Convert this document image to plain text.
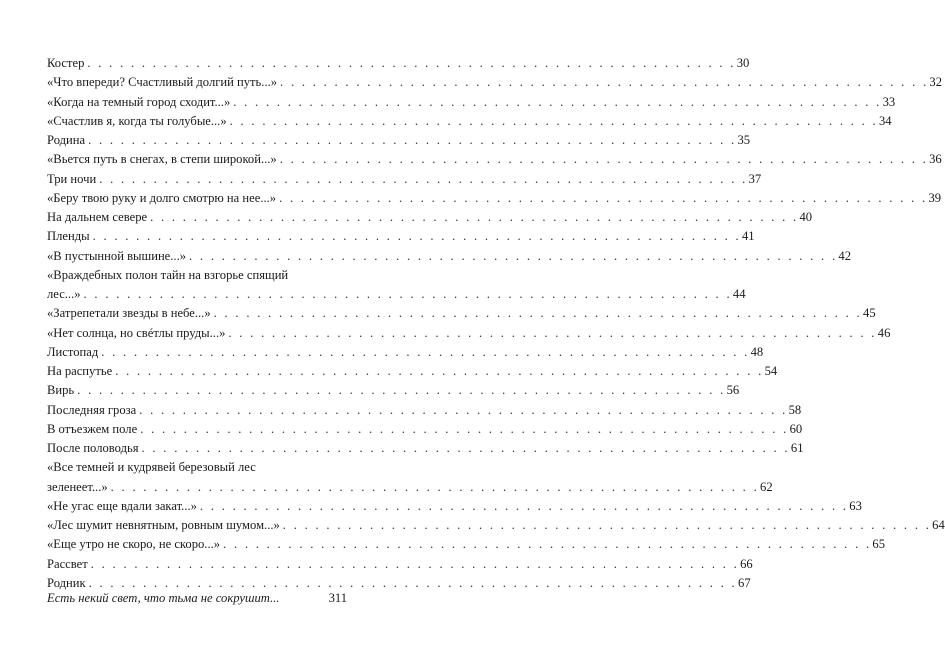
Костер . . . . . . . . . . . . . . . . . . . . . . . . . . . . . . . . . . . . . . . . . . . . . . . . . . . . . . . . . . . . 30
«Что впереди? Счастливый долгий путь...» . . . . . . . . . . . . . . . . . . . . . . . . . . . . . . . . . . . . . . . . . . . . . . . . . . . . . . . . . . . . 32
«Когда на темный город сходит...» . . . . . . . . . . . . . . . . . . . . . . . . . . . . . . . . . . . . . . . . . . . . . . . . . . . . . . . . . . . . 33
«Счастлив я, когда ты голубые...» . . . . . . . . . . . . . . . . . . . . . . . . . . . . . . . . . . . . . . . . . . . . . . . . . . . . . . . . . . . . 34
Родина . . . . . . . . . . . . . . . . . . . . . . . . . . . . . . . . . . . . . . . . . . . . . . . . . . . . . . . . . . . . 35
«Вьется путь в снегах, в степи широкой...» . . . . . . . . . . . . . . . . . . . . . . . . . . . . . . . . . . . . . . . . . . . . . . . . . . . . . . . . . . . . 36
Три ночи . . . . . . . . . . . . . . . . . . . . . . . . . . . . . . . . . . . . . . . . . . . . . . . . . . . . . . . . . . . . 37
«Беру твою руку и долго смотрю на нее...» . . . . . . . . . . . . . . . . . . . . . . . . . . . . . . . . . . . . . . . . . . . . . . . . . . . . . . . . . . . . 39
На дальнем севере . . . . . . . . . . . . . . . . . . . . . . . . . . . . . . . . . . . . . . . . . . . . . . . . . . . . . . . . . . . . 40
Пленды . . . . . . . . . . . . . . . . . . . . . . . . . . . . . . . . . . . . . . . . . . . . . . . . . . . . . . . . . . . . 41
«В пустынной вышине...» . . . . . . . . . . . . . . . . . . . . . . . . . . . . . . . . . . . . . . . . . . . . . . . . . . . . . . . . . . . . 42
«Враждебных полон тайн на взгорье спящий
лес...» . . . . . . . . . . . . . . . . . . . . . . . . . . . . . . . . . . . . . . . . . . . . . . . . . . . . . . . . . . . . 44
«Затрепетали звезды в небе...» . . . . . . . . . . . . . . . . . . . . . . . . . . . . . . . . . . . . . . . . . . . . . . . . . . . . . . . . . . . . 45
«Нет солнца, но свéтлы пруды...» . . . . . . . . . . . . . . . . . . . . . . . . . . . . . . . . . . . . . . . . . . . . . . . . . . . . . . . . . . . . 46
Листопад . . . . . . . . . . . . . . . . . . . . . . . . . . . . . . . . . . . . . . . . . . . . . . . . . . . . . . . . . . . . 48
На распутье . . . . . . . . . . . . . . . . . . . . . . . . . . . . . . . . . . . . . . . . . . . . . . . . . . . . . . . . . . . . 54
Вирь . . . . . . . . . . . . . . . . . . . . . . . . . . . . . . . . . . . . . . . . . . . . . . . . . . . . . . . . . . . . 56
Последняя гроза . . . . . . . . . . . . . . . . . . . . . . . . . . . . . . . . . . . . . . . . . . . . . . . . . . . . . . . . . . . . 58
В отъезжем поле . . . . . . . . . . . . . . . . . . . . . . . . . . . . . . . . . . . . . . . . . . . . . . . . . . . . . . . . . . . . 60
После половодья . . . . . . . . . . . . . . . . . . . . . . . . . . . . . . . . . . . . . . . . . . . . . . . . . . . . . . . . . . . . 61
«Все темней и кудрявей березовый лес
зеленеет...» . . . . . . . . . . . . . . . . . . . . . . . . . . . . . . . . . . . . . . . . . . . . . . . . . . . . . . . . . . . . 62
«Не угас еще вдали закат...» . . . . . . . . . . . . . . . . . . . . . . . . . . . . . . . . . . . . . . . . . . . . . . . . . . . . . . . . . . . . 63
«Лес шумит невнятным, ровным шумом...» . . . . . . . . . . . . . . . . . . . . . . . . . . . . . . . . . . . . . . . . . . . . . . . . . . . . . . . . . . . . 64
«Еще утро не скоро, не скоро...» . . . . . . . . . . . . . . . . . . . . . . . . . . . . . . . . . . . . . . . . . . . . . . . . . . . . . . . . . . . . 65
Рассвет . . . . . . . . . . . . . . . . . . . . . . . . . . . . . . . . . . . . . . . . . . . . . . . . . . . . . . . . . . . . 66
Родник . . . . . . . . . . . . . . . . . . . . . . . . . . . . . . . . . . . . . . . . . . . . . . . . . . . . . . . . . . . . 67
Есть некий свет, что тьма не сокрушит...	311
